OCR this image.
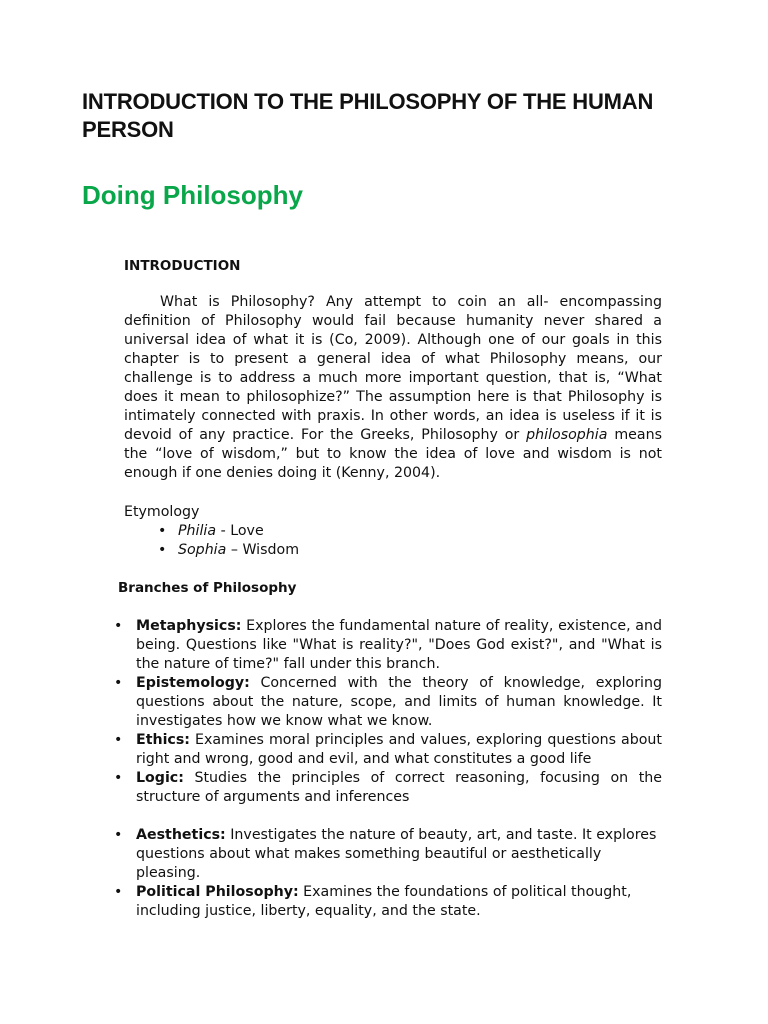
INTRODUCTION TO THE PHILOSOPHY OF THE HUMAN PERSON
Doing Philosophy
INTRODUCTION

What is Philosophy? Any attempt to coin an all- encompassing definition of Philosophy would fail because humanity never shared a universal idea of what it is (Co, 2009). Although one of our goals in this chapter is to present a general idea of what Philosophy means, our challenge is to address a much more important question, that is, “What does it mean to philosophize?” The assumption here is that Philosophy is intimately connected with praxis. In other words, an idea is useless if it is devoid of any practice. For the Greeks, Philosophy or philosophia means the “love of wisdom,” but to know the idea of love and wisdom is not enough if one denies doing it (Kenny, 2004).

Etymology

• Philia - Love
• Sophia – Wisdom
Branches of Philosophy
• Metaphysics: Explores the fundamental nature of reality, existence, and being. Questions like "What is reality?", "Does God exist?", and "What is the nature of time?" fall under this branch.
• Epistemology: Concerned with the theory of knowledge, exploring questions about the nature, scope, and limits of human knowledge. It investigates how we know what we know.
• Ethics: Examines moral principles and values, exploring questions about right and wrong, good and evil, and what constitutes a good life
• Logic: Studies the principles of correct reasoning, focusing on the structure of arguments and inferences
• Aesthetics: Investigates the nature of beauty, art, and taste. It explores questions about what makes something beautiful or aesthetically pleasing.
• Political Philosophy: Examines the foundations of political thought, including justice, liberty, equality, and the state.
